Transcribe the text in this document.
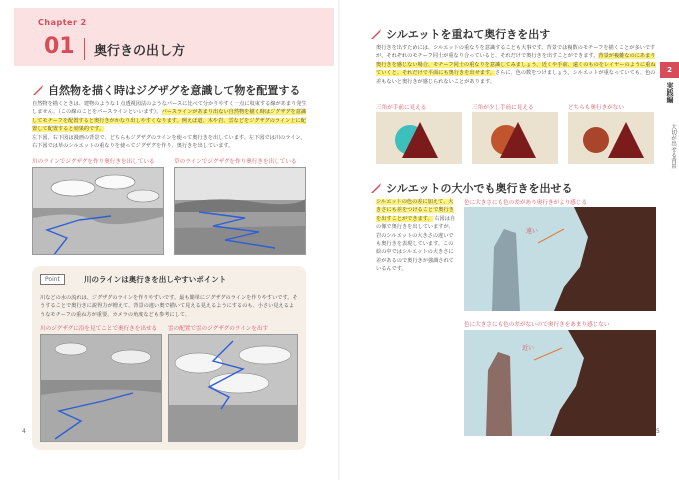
Chapter 2
01 奥行きの出し方
自然物を描く時はジグザグを意識して物を配置する
自然物を描くときは、建物のような１点透視図法のようなパースに比べて分かりやすく一点に収束する線があまり発生しません。（この線のことをパースラインといいます）。パースラインがあまり出ない自然物を描く時はジグザグを意識してモチーフを配置すると奥行きがかなり出しやすくなります。例えば道、木や岩、雲などをジグザグのライン上に配置して配置すると効果的です。
左下図、右下図は漫画の背景で、どちらもジグザグのラインを使って奥行きを出しています。左下図では川のライン、右下図では草のシルエットの重なりを使ってジグザグを作り、奥行きを出しています。
川のラインでジグザグを作り奥行きを出している	草のラインでジグザグを作り奥行きを出している
Point	川のラインは奥行きを出しやすいポイント
川などの水の流れは、ジグザグのラインを作りやすいです。最も簡単にジグザグのラインを作りやすいです。そうすることで奥行きに説得力が増えて、背景の違い奥で描いて見える見えるようにするのも、小さい見えるようなモチーフの重ね方が重要、カメラの角度なども参考にして、
川のジグザグに沿を見てことで奥行きを出せる 雲の配置で雲のジグザグのラインを出す
4
シルエットを重ねて奥行きを出す
奥行きを出すためには、シルエットの重なりを意識することも大事です。背景では複数のモチーフを描くことが多いですが、それぞれのモチーフ同士が重なり合っていると、それだけで奥行きを出すことができます。背景が複雑なのにあまり奥行きを感じない場合、モチーフ同士の重なりを意識してみましょう。近くや手前、遠くのものをレイヤーのように重ねていくと、それだけで平面にも奥行きを出せます。さらに、色の数をつけましょう。シルエットが重なっていても、色の差もないと奥行きが感じられないことがあります。
三角が手前に見える	三角が少し手前に見える	どちらも奥行きがない
シルエットの大小でも奥行きを出せる
シルエットの色の差に加えて、大きさにも差をつけることで奥行きを出すことができます。 右図は自の像で奥行きを出していますが、岩のシルエットの大きさの違いでも奥行きを表現しています。この絵の中ではシルエットの大きさに差があるので奥行きが強調されているんです。
色に大きさにも色の差があり奥行きがより感じる
遠い
色に大きさにも色の差がないので奥行きをあまり感じない
近い
5
2
実践編
大切が出せる背景
